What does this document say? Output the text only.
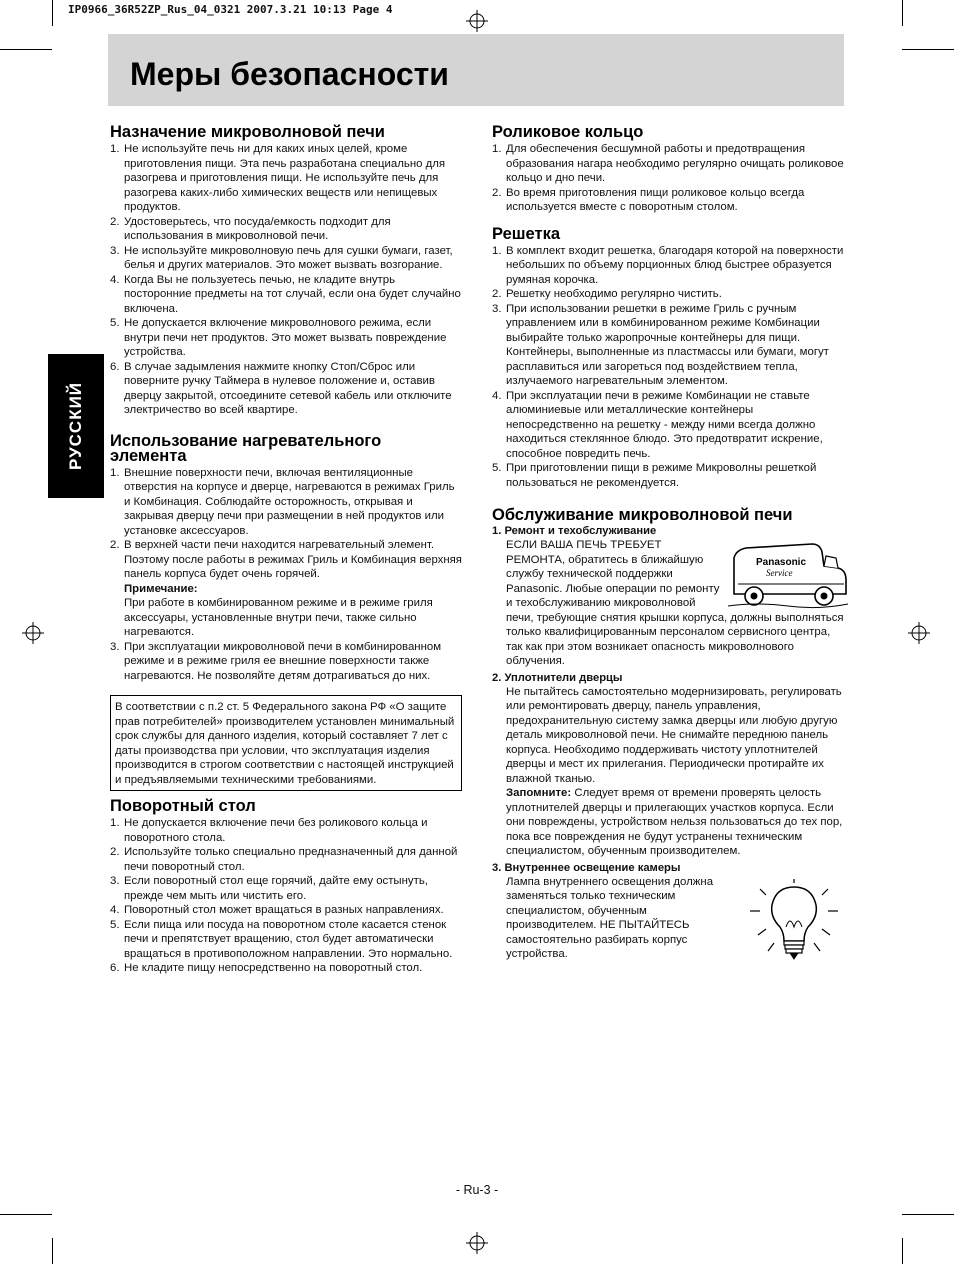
IP0966_36R52ZP_Rus_04_0321 2007.3.21 10:13 Page 4
Меры безопасности
РУССКИЙ
Назначение микроволновой печи
1. Не используйте печь ни для каких иных целей, кроме приготовления пищи. Эта печь разработана специально для разогрева и приготовления пищи. Не используйте печь для разогрева каких-либо химических веществ или непищевых продуктов.
2. Удостоверьтесь, что посуда/емкость подходит для использования в микроволновой печи.
3. Не используйте микроволновую печь для сушки бумаги, газет, белья и других материалов. Это может вызвать возгорание.
4. Когда Вы не пользуетесь печью, не кладите внутрь посторонние предметы на тот случай, если она будет случайно включена.
5. Не допускается включение микроволнового режима, если внутри печи нет продуктов. Это может вызвать повреждение устройства.
6. В случае задымления нажмите кнопку Стоп/Сброс или поверните ручку Таймера в нулевое положение и, оставив дверцу закрытой, отсоедините сетевой кабель или отключите электричество во всей квартире.
Использование нагревательного элемента
1. Внешние поверхности печи, включая вентиляционные отверстия на корпусе и дверце, нагреваются в режимах Гриль и Комбинация. Соблюдайте осторожность, открывая и закрывая дверцу печи при размещении в ней продуктов или установке аксессуаров.
2. В верхней части печи находится нагревательный элемент. Поэтому после работы в режимах Гриль и Комбинация верхняя панель корпуса будет очень горячей.
Примечание:
При работе в комбинированном режиме и в режиме гриля аксессуары, установленные внутри печи, также сильно нагреваются.
3. При эксплуатации микроволновой печи в комбинированном режиме и в режиме гриля ее внешние поверхности также нагреваются. Не позволяйте детям дотрагиваться до них.
В соответствии с п.2 ст. 5 Федерального закона РФ «О защите прав потребителей» производителем установлен минимальный срок службы для данного изделия, который составляет 7 лет с даты производства при условии, что эксплуатация изделия производится в строгом соответствии с настоящей инструкцией и предъявляемыми техническими требованиями.
Поворотный стол
1. Не допускается включение печи без роликового кольца и поворотного стола.
2. Используйте только специально предназначенный для данной печи поворотный стол.
3. Если поворотный стол еще горячий, дайте ему остынуть, прежде чем мыть или чистить его.
4. Поворотный стол может вращаться в разных направлениях.
5. Если пища или посуда на поворотном столе касается стенок печи и препятствует вращению, стол будет автоматически вращаться в противоположном направлении. Это нормально.
6. Не кладите пищу непосредственно на поворотный стол.
Роликовое кольцо
1. Для обеспечения бесшумной работы и предотвращения образования нагара необходимо регулярно очищать роликовое кольцо и дно печи.
2. Во время приготовления пищи роликовое кольцо всегда используется вместе с поворотным столом.
Решетка
1. В комплект входит решетка, благодаря которой на поверхности небольших по объему порционных блюд быстрее образуется румяная корочка.
2. Решетку необходимо регулярно чистить.
3. При использовании решетки в режиме Гриль с ручным управлением или в комбинированном режиме Комбинации выбирайте только жаропрочные контейнеры для пищи. Контейнеры, выполненные из пластмассы или бумаги, могут расплавиться или загореться под воздействием тепла, излучаемого нагревательным элементом.
4. При эксплуатации печи в режиме Комбинации не ставьте алюминиевые или металлические контейнеры непосредственно на решетку - между ними всегда должно находиться стеклянное блюдо. Это предотвратит искрение, способное повредить печь.
5. При приготовлении пищи в режиме Микроволны решеткой пользоваться не рекомендуется.
Обслуживание микроволновой печи
1. Ремонт и техобслуживание
Panasonic
Service
ЕСЛИ ВАША ПЕЧЬ ТРЕБУЕТ РЕМОНТА, обратитесь в ближайшую службу технической поддержки Panasonic. Любые операции по ремонту и техобслуживанию микроволновой печи, требующие снятия крышки корпуса, должны выполняться только квалифицированным персоналом сервисного центра, так как при этом возникает опасность микроволнового облучения.
2. Уплотнители дверцы
Не пытайтесь самостоятельно модернизировать, регулировать или ремонтировать дверцу, панель управления, предохранительную систему замка дверцы или любую другую деталь микроволновой печи. Не снимайте переднюю панель корпуса. Необходимо поддерживать чистоту уплотнителей дверцы и мест их прилегания. Периодически протирайте их влажной тканью.
Запомните: Следует время от времени проверять целость уплотнителей дверцы и прилегающих участков корпуса. Если они повреждены, устройством нельзя пользоваться до тех пор, пока все повреждения не будут устранены техническим специалистом, обученным производителем.
3. Внутреннее освещение камеры
Лампа внутреннего освещения должна заменяться только техническим специалистом, обученным производителем. НЕ ПЫТАЙТЕСЬ самостоятельно разбирать корпус устройства.
- Ru-3 -
